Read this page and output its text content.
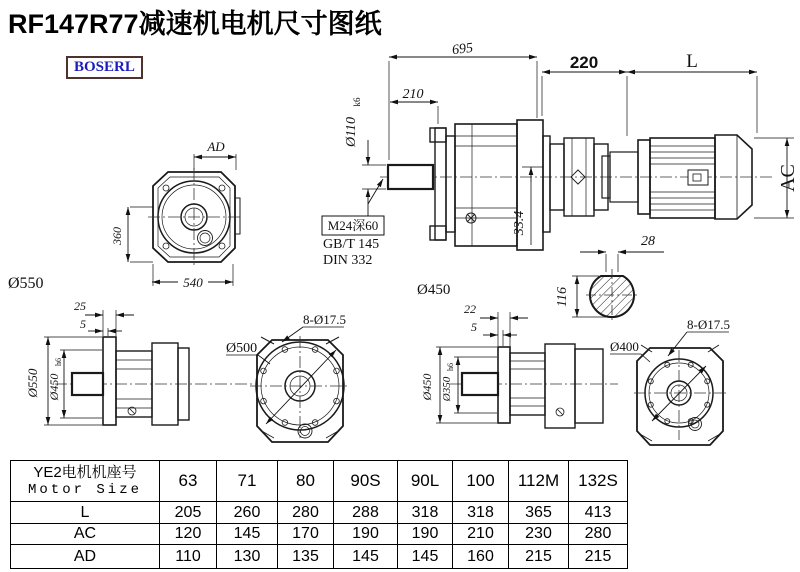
RF147R77减速机电机尺寸图纸
BOSERL
695
220	L
210
Ø110
k6
M24深60
GB/T 145
DIN 332
33.4
AC
28
116
AD
360
540
Ø550	Ø450
25
5
Ø550 Ø450
h6
Ø500
8-Ø17.5
22
5
Ø450 Ø350
h6
Ø400
8-Ø17.5
YE2电机机座号
Motor Size	63	71	80	90S	90L	100	112M	132S
L	205	260	280	288	318	318	365	413
AC	120	145	170	190	190	210	230	280
AD	110	130	135	145	145	160	215	215
